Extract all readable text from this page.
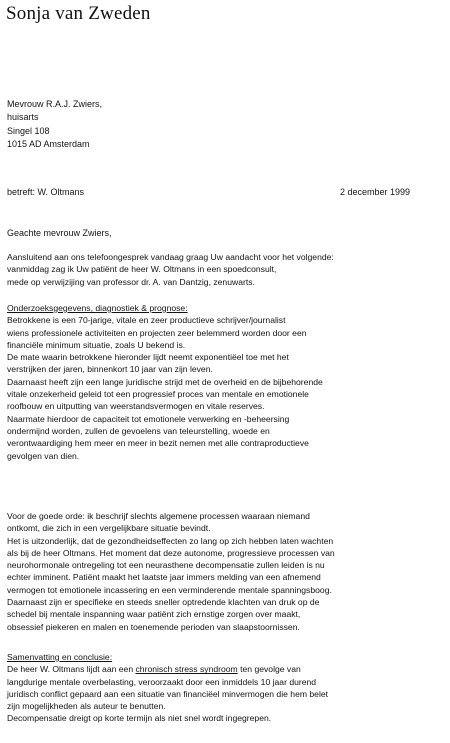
Sonja van Zweden

Mevrouw R.A.J. Zwiers,

huisarts

Singel 108

1015 AD Amsterdam

betreft: W. Oltmans	2 december 1999

Geachte mevrouw Zwiers,

Aansluitend aan ons telefoongesprek vandaag graag Uw aandacht voor het volgende:

vanmiddag zag ik Uw patiënt de heer W. Oltmans in een spoedconsult,

mede op verwijzijing van professor dr. A. van Dantzig, zenuwarts.

Onderzoeksgegevens, diagnostiek & prognose:

Betrokkene is een 70-jarige, vitale en zeer productieve schrijver/journalist

wiens professionele activiteiten en projecten zeer belemmerd worden door een

financiële minimum situatie, zoals U bekend is.

De mate waarin betrokkene hieronder lijdt neemt exponentiëel toe met het

verstrijken der jaren, binnenkort 10 jaar van zijn leven.

Daarnaast heeft zijn een lange juridische strijd met de overheid en de bijbehorende

vitale onzekerheid geleid tot een progressief proces van mentale en emotionele

roofbouw en uitputting van weerstandsvermogen en vitale reserves.

Naarmate hierdoor de capaciteit tot emotionele verwerking en -beheersing

ondermijnd worden, zullen de gevoelens van teleurstelling, woede en

verontwaardiging hem meer en meer in bezit nemen met alle contraproductieve

gevolgen van dien.

Voor de goede orde: ik beschrijf slechts algemene processen waaraan niemand

ontkomt, die zich in een vergelijkbare situatie bevindt.

Het is uitzonderlijk, dat de gezondheidseffecten zo lang op zich hebben laten wachten

als bij de heer Oltmans. Het moment dat deze autonome, progressieve processen van

neurohormonale ontregeling tot een neurasthene decompensatie zullen leiden is nu

echter imminent. Patiënt maakt het laatste jaar immers melding van een afnemend

vermogen tot emotionele incassering en een verminderende mentale spanningsboog.

Daarnaast zijn er specifieke en steeds sneller optredende klachten van druk op de

schedel bij mentale inspanning waar patiënt zich ernstige zorgen over maakt,

obsessief piekeren en malen en toenemende perioden van slaapstoornissen.

Samenvatting en conclusie:

De heer W. Oltmans lijdt aan een chronisch stress syndroom ten gevolge van

langdurige mentale overbelasting, veroorzaakt door een inmiddels 10 jaar durend

juridisch conflict gepaard aan een situatie van financiëel minvermogen die hem belet

zijn mogelijkheden als auteur te benutten.

Decompensatie dreigt op korte termijn als niet snel wordt ingegrepen.
